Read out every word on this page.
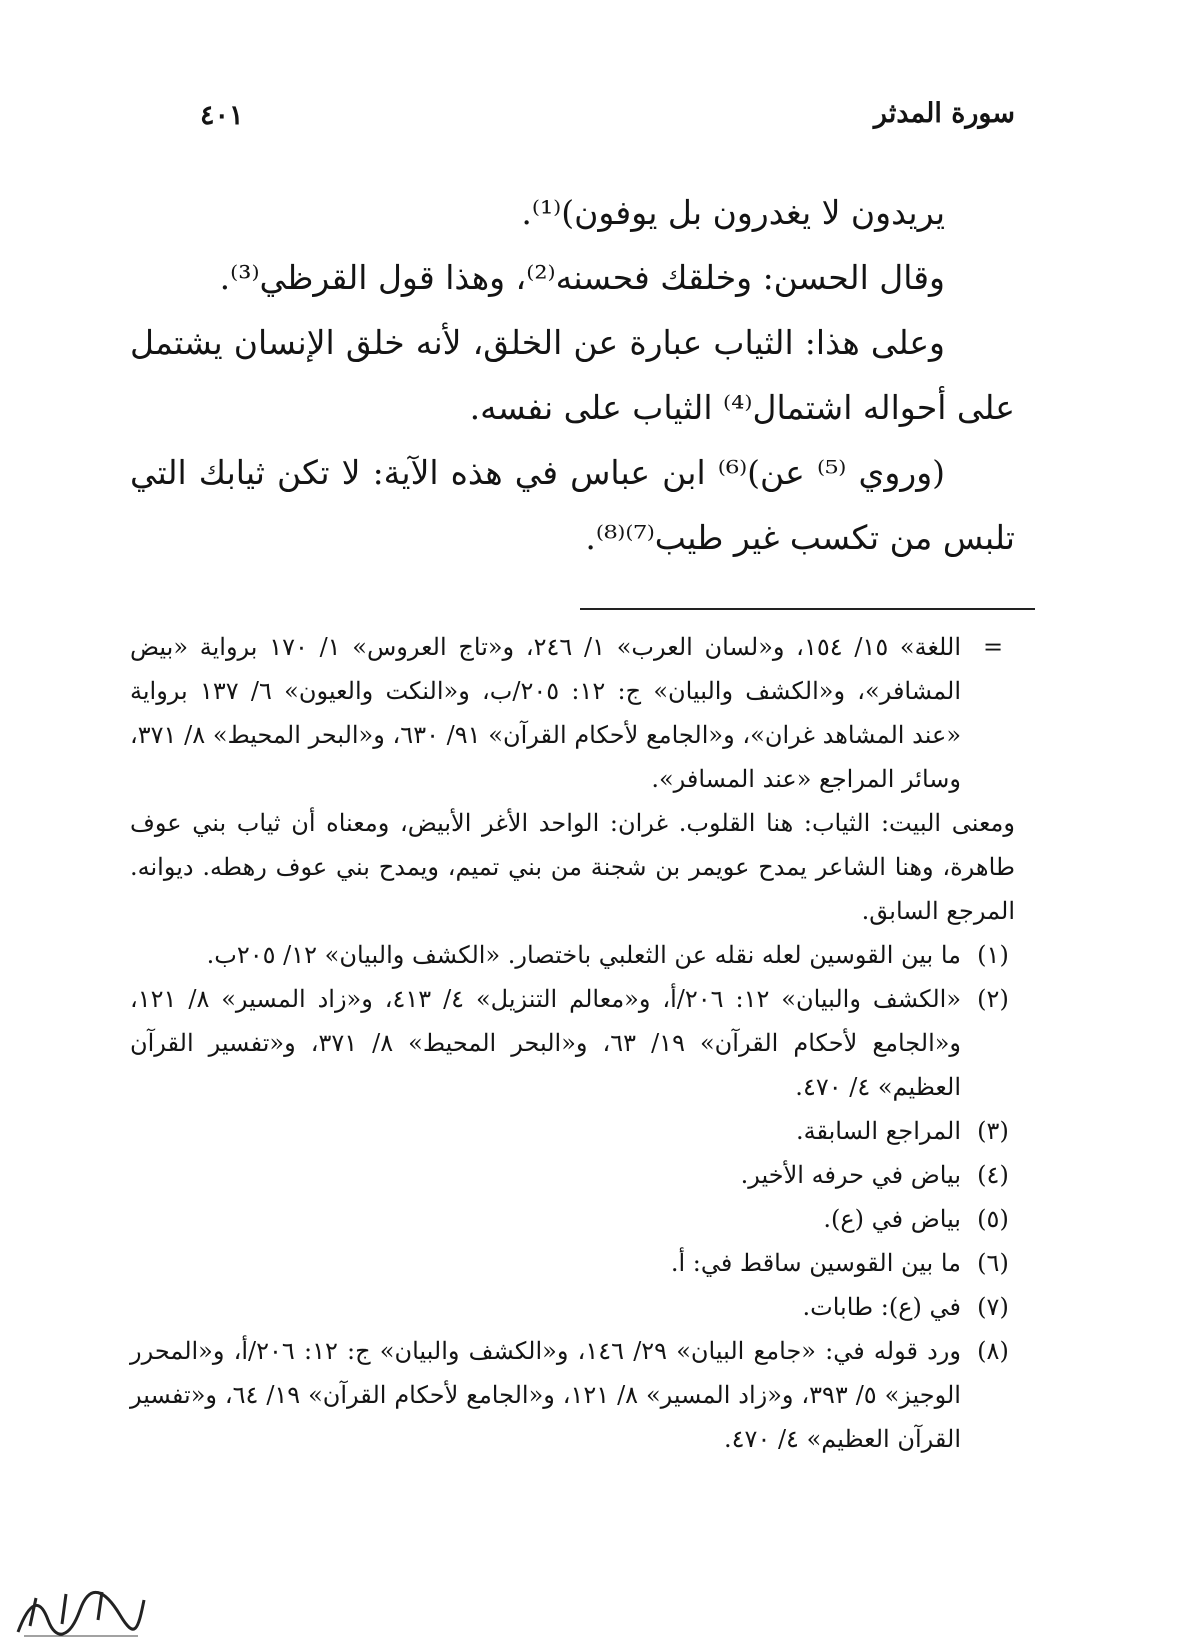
سورة المدثر
٤٠١

يريدون لا يغدرون بل يوفون)⁽¹⁾.

وقال الحسن: وخلقك فحسنه⁽²⁾، وهذا قول القرظي⁽³⁾.

وعلى هذا: الثياب عبارة عن الخلق، لأنه خلق الإنسان يشتمل على أحواله اشتمال⁽⁴⁾ الثياب على نفسه.

(وروي ⁽⁵⁾ عن)⁽⁶⁾ ابن عباس في هذه الآية: لا تكن ثيابك التي تلبس من تكسب غير طيب⁽⁷⁾⁽⁸⁾.

=
اللغة» ١٥/ ١٥٤، و«لسان العرب» ١/ ٢٤٦، و«تاج العروس» ١/ ١٧٠ برواية «بيض المشافر»، و«الكشف والبيان» ج: ١٢: ٢٠٥/ب، و«النكت والعيون» ٦/ ١٣٧ برواية «عند المشاهد غران»، و«الجامع لأحكام القرآن» ٩١/ ٦٣٠، و«البحر المحيط» ٨/ ٣٧١، وسائر المراجع «عند المسافر».
ومعنى البيت: الثياب: هنا القلوب. غران: الواحد الأغر الأبيض، ومعناه أن ثياب بني عوف طاهرة، وهنا الشاعر يمدح عويمر بن شجنة من بني تميم، ويمدح بني عوف رهطه. ديوانه. المرجع السابق.
(١)
ما بين القوسين لعله نقله عن الثعلبي باختصار. «الكشف والبيان» ١٢/ ٢٠٥ب.
(٢)
«الكشف والبيان» ١٢: ٢٠٦/أ، و«معالم التنزيل» ٤/ ٤١٣، و«زاد المسير» ٨/ ١٢١، و«الجامع لأحكام القرآن» ١٩/ ٦٣، و«البحر المحيط» ٨/ ٣٧١، و«تفسير القرآن العظيم» ٤/ ٤٧٠.
(٣)
المراجع السابقة.
(٤)
بياض في حرفه الأخير.
(٥)
بياض في (ع).
(٦)
ما بين القوسين ساقط في: أ.
(٧)
في (ع): طابات.
(٨)
ورد قوله في: «جامع البيان» ٢٩/ ١٤٦، و«الكشف والبيان» ج: ١٢: ٢٠٦/أ، و«المحرر الوجيز» ٥/ ٣٩٣، و«زاد المسير» ٨/ ١٢١، و«الجامع لأحكام القرآن» ١٩/ ٦٤، و«تفسير القرآن العظيم» ٤/ ٤٧٠.
